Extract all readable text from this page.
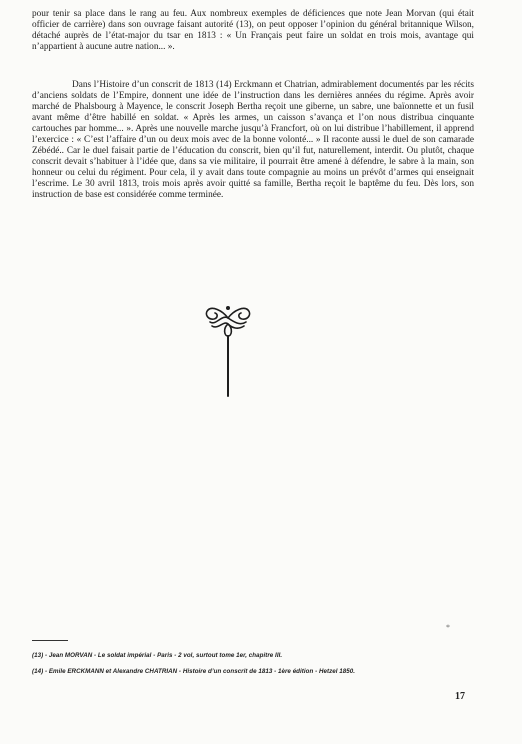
pour tenir sa place dans le rang au feu. Aux nombreux exemples de déficiences que note Jean Morvan (qui était officier de carrière) dans son ouvrage faisant autorité (13), on peut opposer l’opinion du général britannique Wilson, détaché auprès de l’état-major du tsar en 1813 : « Un Français peut faire un soldat en trois mois, avantage qui n’appartient à aucune autre nation... ».

Dans l’Histoire d’un conscrit de 1813 (14) Erckmann et Chatrian, admirablement documentés par les récits d’anciens soldats de l’Empire, donnent une idée de l’instruction dans les dernières années du régime. Après avoir marché de Phalsbourg à Mayence, le conscrit Joseph Bertha reçoit une giberne, un sabre, une baïonnette et un fusil avant même d’être habillé en soldat. « Après les armes, un caisson s’avança et l’on nous distribua cinquante cartouches par homme... ». Après une nouvelle marche jusqu’à Francfort, où on lui distribue l’habillement, il apprend l’exercice : « C’est l’affaire d’un ou deux mois avec de la bonne volonté... » Il raconte aussi le duel de son camarade Zébédé.. Car le duel faisait partie de l’éducation du conscrit, bien qu’il fut, naturellement, interdit. Ou plutôt, chaque conscrit devait s’habituer à l’idée que, dans sa vie militaire, il pourrait être amené à défendre, le sabre à la main, son honneur ou celui du régiment. Pour cela, il y avait dans toute compagnie au moins un prévôt d’armes qui enseignait l’escrime. Le 30 avril 1813, trois mois après avoir quitté sa famille, Bertha reçoit le baptême du feu. Dès lors, son instruction de base est considérée comme terminée.

*

(13) - Jean MORVAN - Le soldat impérial - Paris - 2 vol, surtout tome 1er, chapitre III.

(14) - Emile ERCKMANN et Alexandre CHATRIAN - Histoire d’un conscrit de 1813 - 1ère édition - Hetzel 1850.

17
